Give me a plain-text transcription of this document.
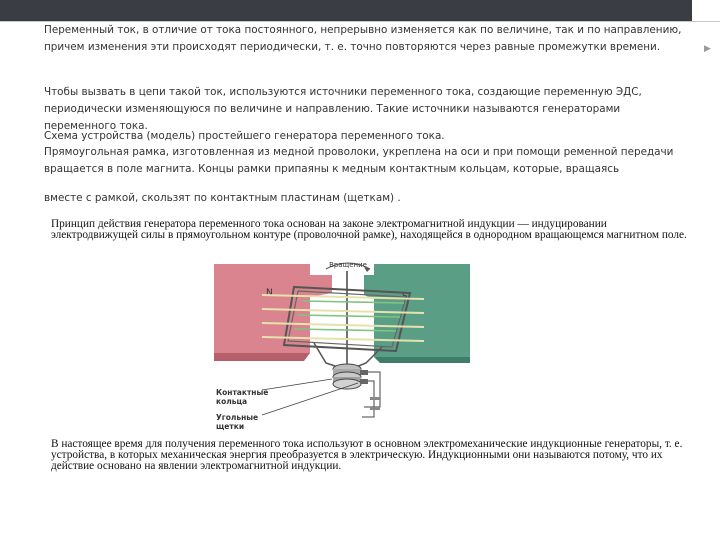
▶
Переменный ток, в отличие от тока постоянного, непрерывно изменяется как по величине, так и по направлению, причем изменения эти происходят периодически, т. е. точно повторяются через равные промежутки времени.
Чтобы вызвать в цепи такой ток, используются источники переменного тока, создающие переменную ЭДС, периодически изменяющуюся по величине и направлению. Такие источники называются генераторами переменного тока.
Схема устройства (модель) простейшего генератора переменного тока.
Прямоугольная рамка, изготовленная из медной проволоки, укреплена на оси и при помощи ременной передачи вращается в поле магнита. Концы рамки припаяны к медным контактным кольцам, которые, вращаясь
вместе с рамкой, скользят по контактным пластинам (щеткам) .
Принцип действия генератора переменного тока основан на законе электромагнитной индукции — индуцировании электродвижущей силы в прямоугольном контуре (проволочной рамке), находящейся в однородном вращающемся магнитном поле.
Вращение
N	S
Контактные
кольца
Угольные
щетки
В настоящее время для получения переменного тока используют в основном электромеханические индукционные генераторы, т. е. устройства, в которых механическая энергия преобразуется в электрическую. Индукционными они называются потому, что их действие основано на явлении электромагнитной индукции.
